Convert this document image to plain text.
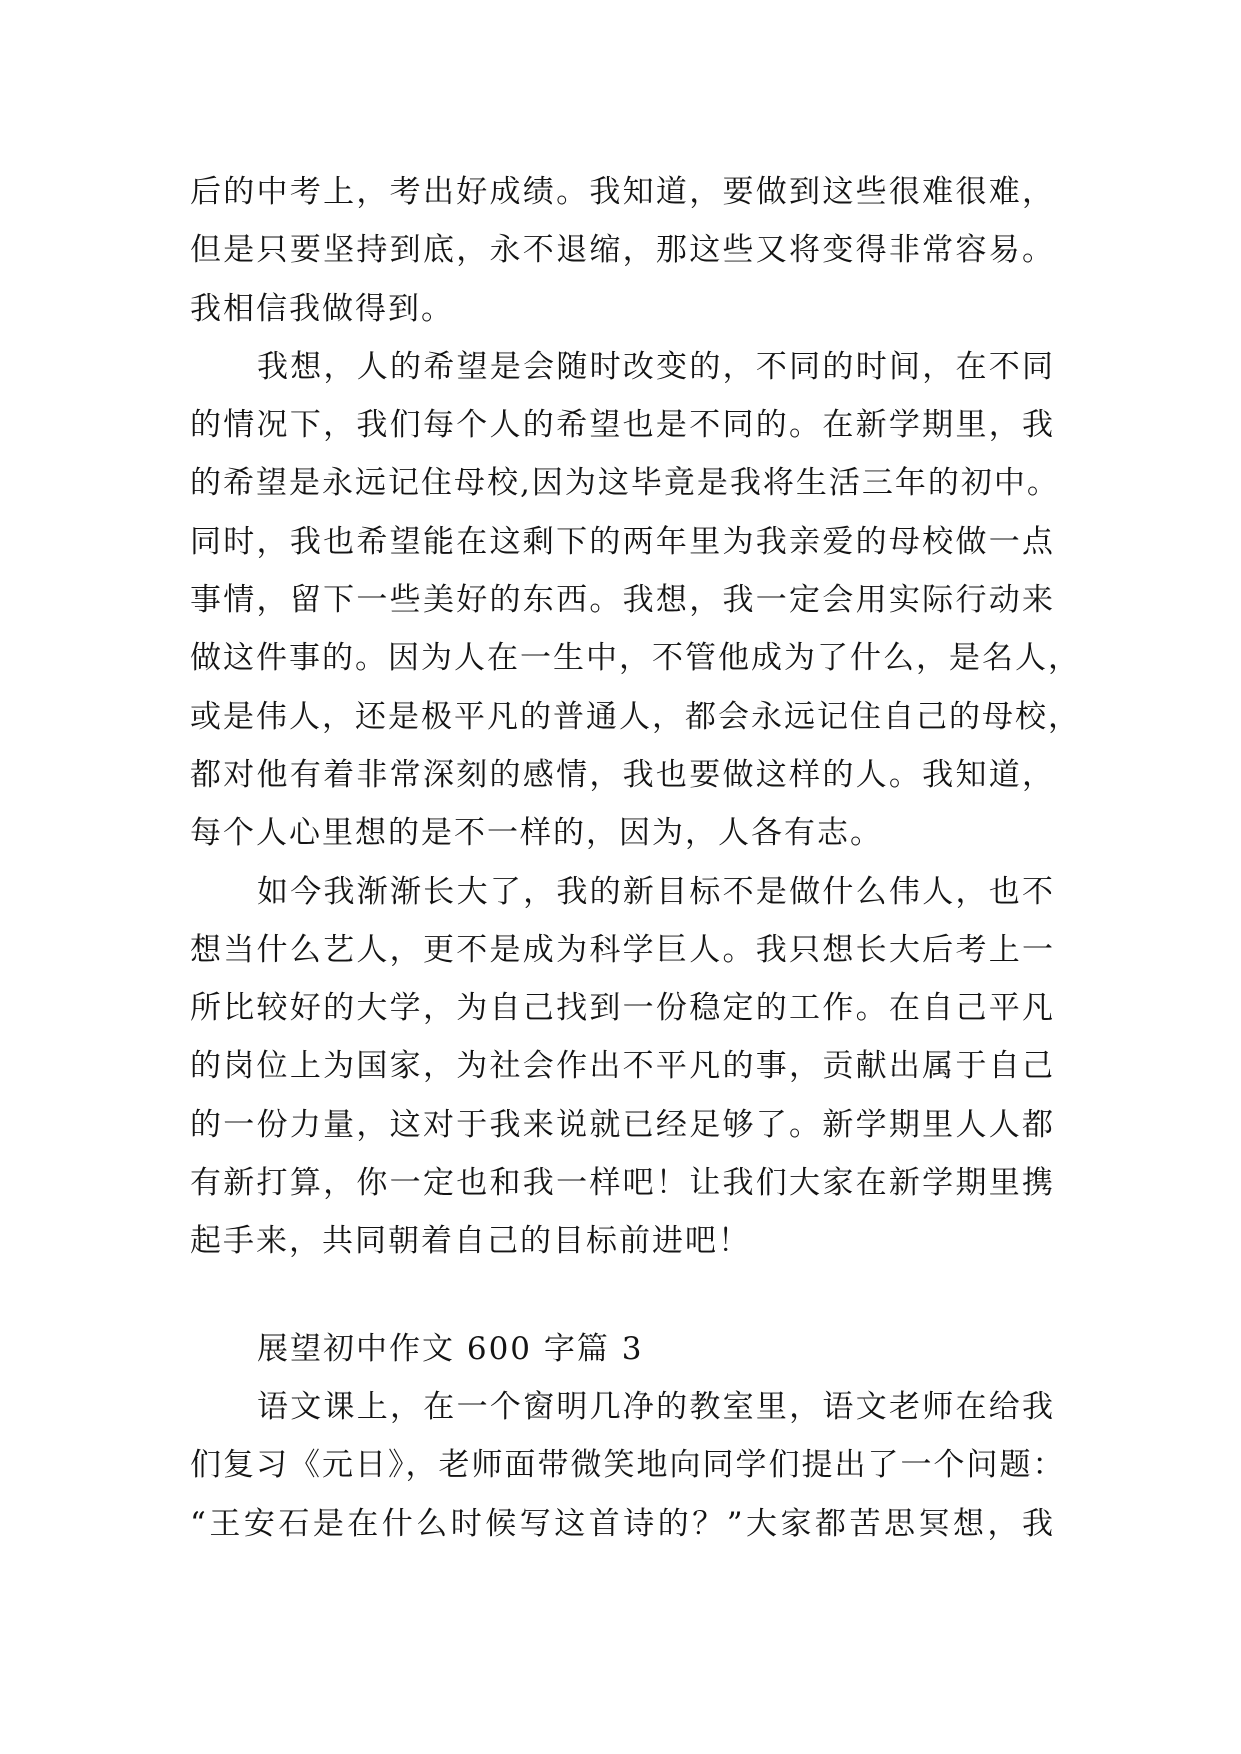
后的中考上，考出好成绩。我知道，要做到这些很难很难，
但是只要坚持到底，永不退缩，那这些又将变得非常容易。
我相信我做得到。
我想，人的希望是会随时改变的，不同的时间，在不同
的情况下，我们每个人的希望也是不同的。在新学期里，我
的希望是永远记住母校,因为这毕竟是我将生活三年的初中。
同时，我也希望能在这剩下的两年里为我亲爱的母校做一点
事情，留下一些美好的东西。我想，我一定会用实际行动来
做这件事的。因为人在一生中，不管他成为了什么，是名人，
或是伟人，还是极平凡的普通人，都会永远记住自己的母校，
都对他有着非常深刻的感情，我也要做这样的人。我知道，
每个人心里想的是不一样的，因为，人各有志。
如今我渐渐长大了，我的新目标不是做什么伟人，也不
想当什么艺人，更不是成为科学巨人。我只想长大后考上一
所比较好的大学，为自己找到一份稳定的工作。在自己平凡
的岗位上为国家，为社会作出不平凡的事，贡献出属于自己
的一份力量，这对于我来说就已经足够了。新学期里人人都
有新打算，你一定也和我一样吧！让我们大家在新学期里携
起手来，共同朝着自己的目标前进吧！
展望初中作文 600 字篇 3
语文课上，在一个窗明几净的教室里，语文老师在给我
们复习《元日》，老师面带微笑地向同学们提出了一个问题：
“王安石是在什么时候写这首诗的？”大家都苦思冥想，我
